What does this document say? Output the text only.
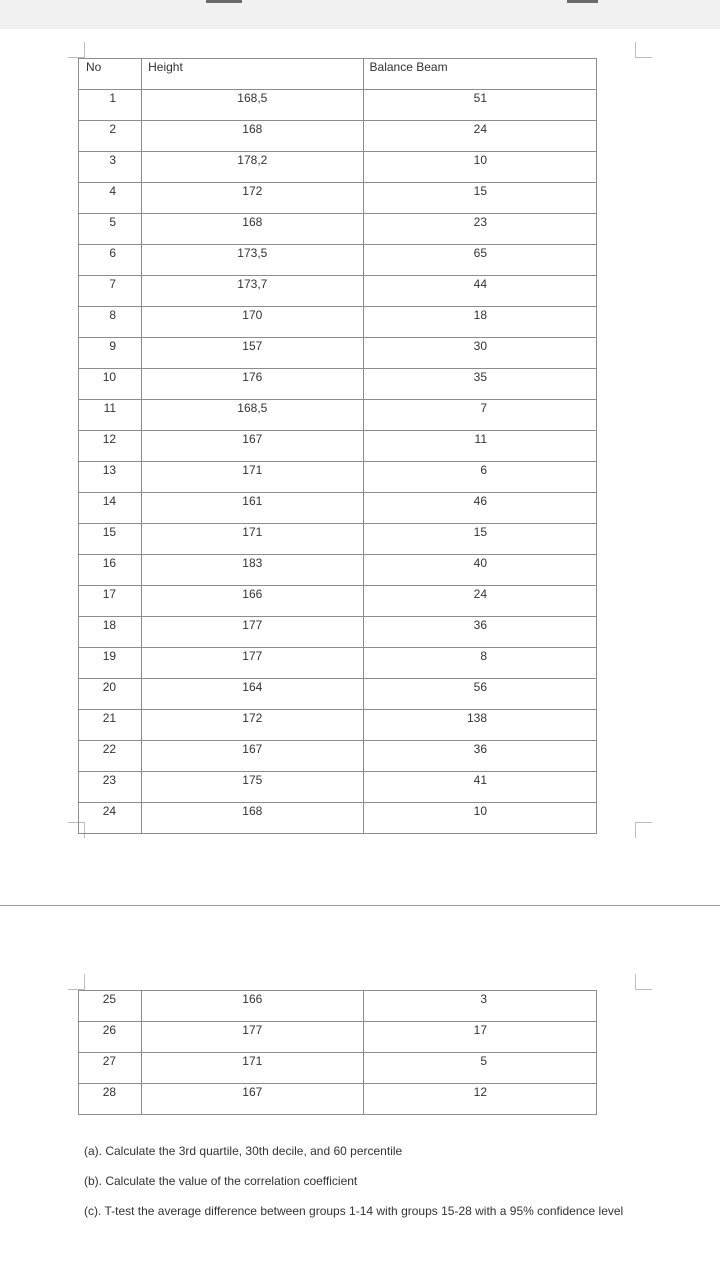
No	Height	Balance Beam

1	168,5	51

2	168	24

3	178,2	10

4	172	15

5	168	23

6	173,5	65

7	173,7	44

8	170	18

9	157	30

10	176	35

11	168,5	7

12	167	11

13	171	6

14	161	46

15	171	15

16	183	40

17	166	24

18	177	36

19	177	8

20	164	56

21	172	138

22	167	36

23	175	41

24	168	10
25	166	3

26	177	17

27	171	5

28	167	12

(a). Calculate the 3rd quartile, 30th decile, and 60 percentile

(b). Calculate the value of the correlation coefficient

(c). T-test the average difference between groups 1-14 with groups 15-28 with a 95% confidence level
